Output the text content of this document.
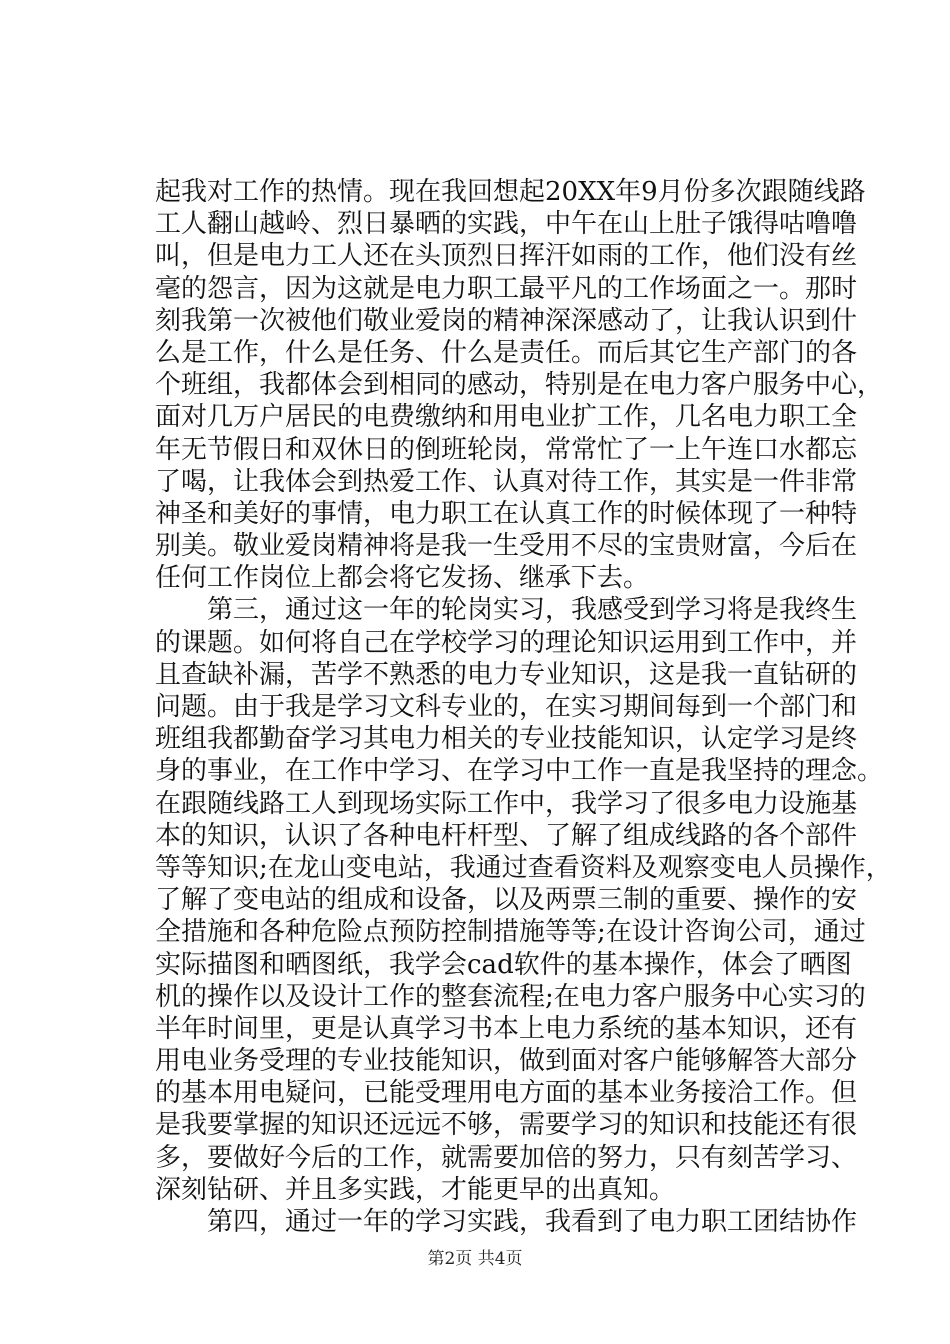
起我对工作的热情。现在我回想起20XX年9月份多次跟随线路
工人翻山越岭、烈日暴晒的实践，中午在山上肚子饿得咕噜噜
叫，但是电力工人还在头顶烈日挥汗如雨的工作，他们没有丝
毫的怨言，因为这就是电力职工最平凡的工作场面之一。那时
刻我第一次被他们敬业爱岗的精神深深感动了，让我认识到什
么是工作，什么是任务、什么是责任。而后其它生产部门的各
个班组，我都体会到相同的感动，特别是在电力客户服务中心，
面对几万户居民的电费缴纳和用电业扩工作，几名电力职工全
年无节假日和双休日的倒班轮岗，常常忙了一上午连口水都忘
了喝，让我体会到热爱工作、认真对待工作，其实是一件非常
神圣和美好的事情，电力职工在认真工作的时候体现了一种特
别美。敬业爱岗精神将是我一生受用不尽的宝贵财富，今后在
任何工作岗位上都会将它发扬、继承下去。
第三，通过这一年的轮岗实习，我感受到学习将是我终生
的课题。如何将自己在学校学习的理论知识运用到工作中，并
且查缺补漏，苦学不熟悉的电力专业知识，这是我一直钻研的
问题。由于我是学习文科专业的，在实习期间每到一个部门和
班组我都勤奋学习其电力相关的专业技能知识，认定学习是终
身的事业，在工作中学习、在学习中工作一直是我坚持的理念。
在跟随线路工人到现场实际工作中，我学习了很多电力设施基
本的知识，认识了各种电杆杆型、了解了组成线路的各个部件
等等知识;在龙山变电站，我通过查看资料及观察变电人员操作，
了解了变电站的组成和设备，以及两票三制的重要、操作的安
全措施和各种危险点预防控制措施等等;在设计咨询公司，通过
实际描图和晒图纸，我学会cad软件的基本操作，体会了晒图
机的操作以及设计工作的整套流程;在电力客户服务中心实习的
半年时间里，更是认真学习书本上电力系统的基本知识，还有
用电业务受理的专业技能知识，做到面对客户能够解答大部分
的基本用电疑问，已能受理用电方面的基本业务接洽工作。但
是我要掌握的知识还远远不够，需要学习的知识和技能还有很
多，要做好今后的工作，就需要加倍的努力，只有刻苦学习、
深刻钻研、并且多实践，才能更早的出真知。
第四，通过一年的学习实践，我看到了电力职工团结协作
第2页 共4页
